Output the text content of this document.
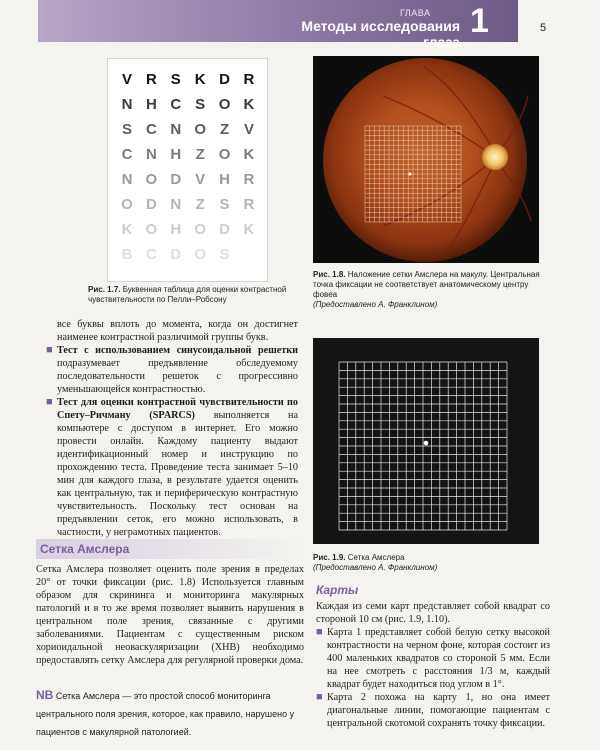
ГЛАВА
Методы исследования глаза
1	5
V R S K D R
N H C S O K
S C N O Z V
C N H Z O K
N O D V H R
O D N Z S R
K O H O D K
B C D O S
Рис. 1.7. Буквенная таблица для оценки контрастной чувствительности по Пелли–Робсону
Рис. 1.8. Наложение сетки Амслера на макулу. Центральная точка фиксации не соответствует анатомическому центру фовеа
(Предоставлено А. Франклином)
Рис. 1.9. Сетка Амслера
(Предоставлено А. Франклином)
все буквы вплоть до момента, когда он достигнет наименее контрастной различимой группы букв.
■ Тест с использованием синусоидальной решетки подразумевает предъявление обследуемому последовательности решеток с прогрессивно уменьшающейся контрастностью.
■ Тест для оценки контрастной чувствительности по Спету–Ричману (SPARCS) выполняется на компьютере с доступом в интернет. Его можно провести онлайн. Каждому пациенту выдают идентификационный номер и инструкцию по прохождению теста. Проведение теста занимает 5–10 мин для каждого глаза, в результате удается оценить как центральную, так и периферическую контрастную чувствительность. Поскольку тест основан на предъявлении сеток, его можно использовать, в частности, у неграмотных пациентов.
Сетка Амслера
Сетка Амслера позволяет оценить поле зрения в пределах 20° от точки фиксации (рис. 1.8) Используется главным образом для скрининга и мониторинга макулярных патологий и в то же время позволяет выявить нарушения в центральном поле зрения, связанные с другими заболеваниями. Пациентам с существенным риском хориоидальной неоваскуляризации (ХНВ) необходимо предоставлять сетку Амслера для регулярной проверки дома.
NB Сетка Амслера — это простой способ мониторинга центрального поля зрения, которое, как правило, нарушено у пациентов с макулярной патологией.
Карты
Каждая из семи карт представляет собой квадрат со стороной 10 см (рис. 1.9, 1.10).
■ Карта 1 представляет собой белую сетку высокой контрастности на черном фоне, которая состоит из 400 маленьких квадратов со стороной 5 мм. Если на нее смотреть с расстояния 1/3 м, каждый квадрат будет находиться под углом в 1°.
■ Карта 2 похожа на карту 1, но она имеет диагональные линии, помогающие пациентам с центральной скотомой сохранять точку фиксации.
